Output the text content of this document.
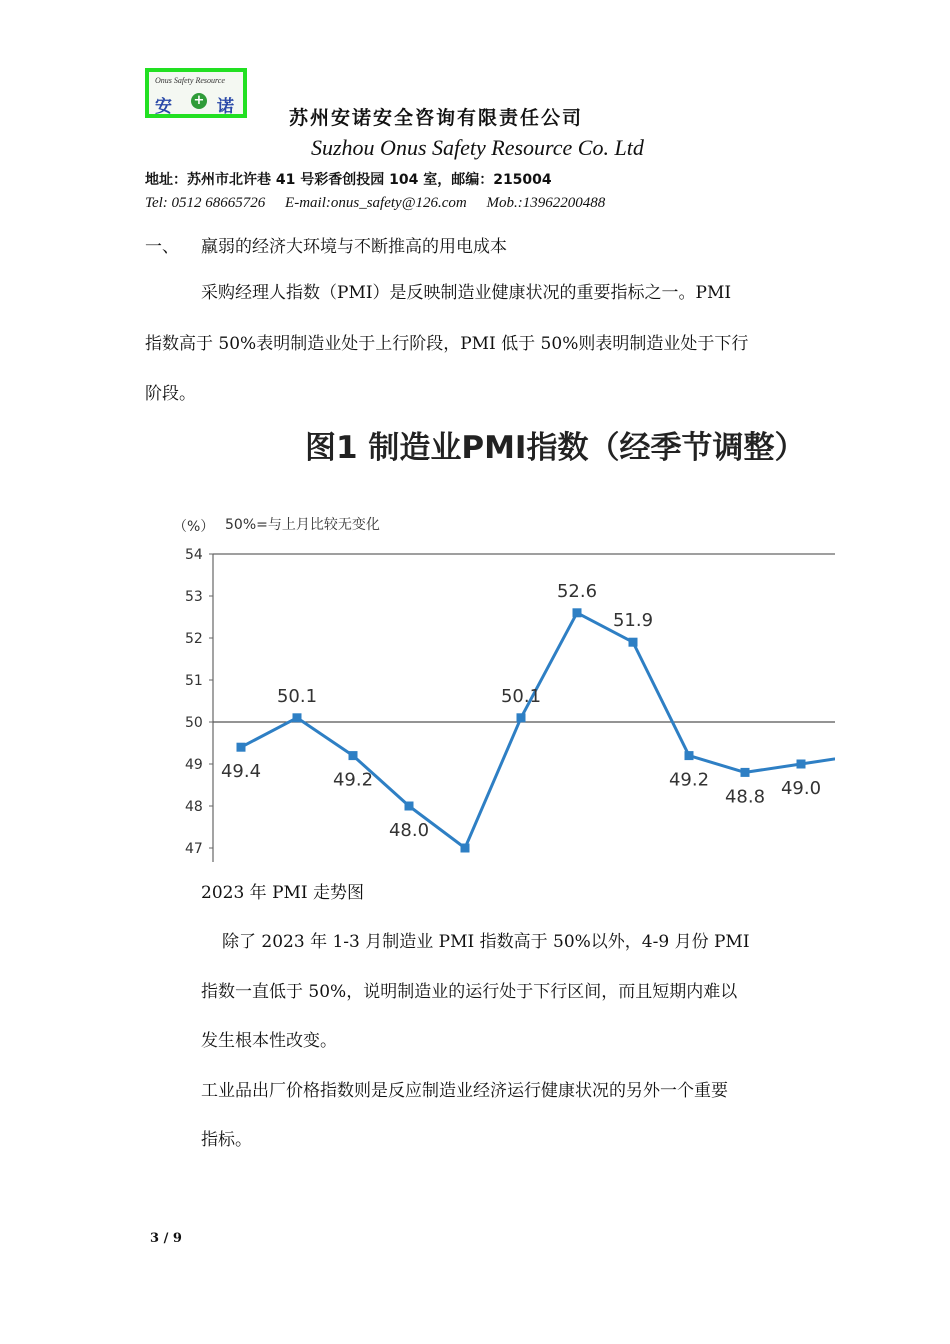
Onus Safety Resource
安 + 诺	苏州安诺安全咨询有限责任公司
Suzhou Onus Safety Resource Co. Ltd
地址：苏州市北许巷 41 号彩香创投园 104 室，邮编：215004
Tel: 0512 68665726 E-mail:onus_safety@126.com Mob.:13962200488
一、 羸弱的经济大环境与不断推高的用电成本
采购经理人指数（PMI）是反映制造业健康状况的重要指标之一。PMI
指数高于 50%表明制造业处于上行阶段，PMI 低于 50%则表明制造业处于下行
阶段。
图1 制造业PMI指数（经季节调整）
（%） 50%=与上月比较无变化
54
53
52
51
50
49
48
47
49.4
50.1
49.2
48.0
50.1
52.6
51.9
49.2
48.8 49.0
2023 年 PMI 走势图
除了 2023 年 1-3 月制造业 PMI 指数高于 50%以外，4-9 月份 PMI
指数一直低于 50%，说明制造业的运行处于下行区间，而且短期内难以
发生根本性改变。
工业品出厂价格指数则是反应制造业经济运行健康状况的另外一个重要
指标。
3 / 9
